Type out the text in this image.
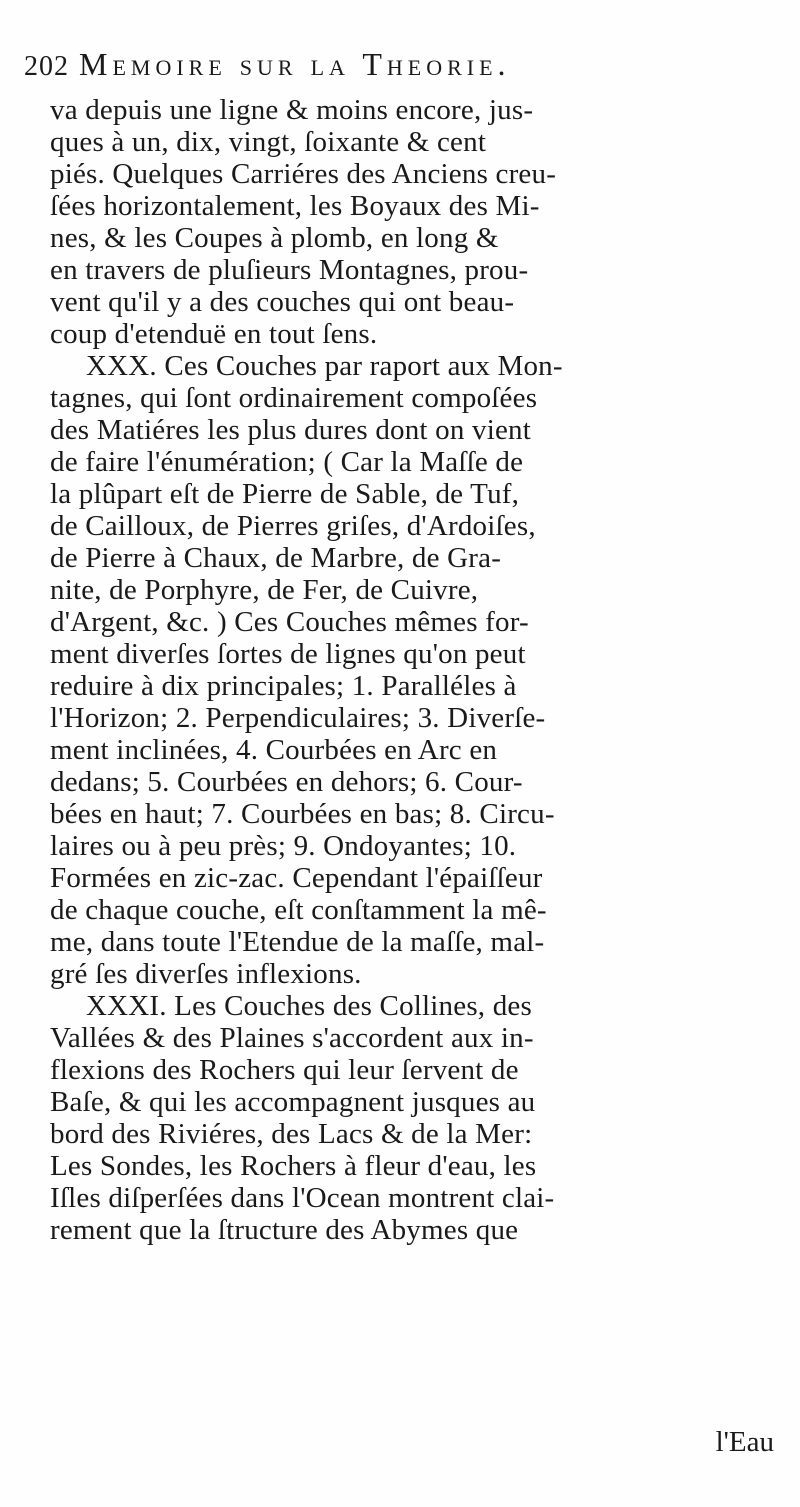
202 Memoire sur la Theorie.
va depuis une ligne & moins encore, jus-
ques à un, dix, vingt, ſoixante & cent
piés. Quelques Carriéres des Anciens creu-
ſées horizontalement, les Boyaux des Mi-
nes, & les Coupes à plomb, en long &
en travers de pluſieurs Montagnes, prou-
vent qu'il y a des couches qui ont beau-
coup d'etenduë en tout ſens.
XXX. Ces Couches par raport aux Mon-
tagnes, qui ſont ordinairement compoſées
des Matiéres les plus dures dont on vient
de faire l'énumération; ( Car la Maſſe de
la plûpart eſt de Pierre de Sable, de Tuf,
de Cailloux, de Pierres griſes, d'Ardoiſes,
de Pierre à Chaux, de Marbre, de Gra-
nite, de Porphyre, de Fer, de Cuivre,
d'Argent, &c. ) Ces Couches mêmes for-
ment diverſes ſortes de lignes qu'on peut
reduire à dix principales; 1. Paralléles à
l'Horizon; 2. Perpendiculaires; 3. Diverſe-
ment inclinées, 4. Courbées en Arc en
dedans; 5. Courbées en dehors; 6. Cour-
bées en haut; 7. Courbées en bas; 8. Circu-
laires ou à peu près; 9. Ondoyantes; 10.
Formées en zic-zac. Cependant l'épaiſſeur
de chaque couche, eſt conſtamment la mê-
me, dans toute l'Etendue de la maſſe, mal-
gré ſes diverſes inflexions.
XXXI. Les Couches des Collines, des
Vallées & des Plaines s'accordent aux in-
flexions des Rochers qui leur ſervent de
Baſe, & qui les accompagnent jusques au
bord des Riviéres, des Lacs & de la Mer:
Les Sondes, les Rochers à fleur d'eau, les
Iſles diſperſées dans l'Ocean montrent clai-
rement que la ſtructure des Abymes que
l'Eau
